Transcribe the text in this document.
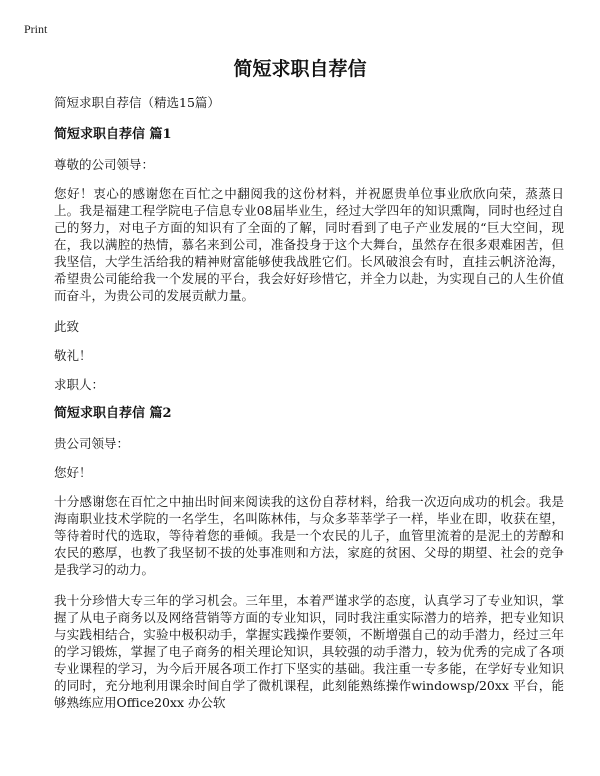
Print
简短求职自荐信

简短求职自荐信（精选15篇）

简短求职自荐信 篇1

尊敬的公司领导：

您好！衷心的感谢您在百忙之中翻阅我的这份材料，并祝愿贵单位事业欣欣向荣，蒸蒸日上。我是福建工程学院电子信息专业08届毕业生，经过大学四年的知识熏陶，同时也经过自己的努力，对电子方面的知识有了全面的了解，同时看到了电子产业发展的“巨大空间，现在，我以满腔的热情，慕名来到公司，准备投身于这个大舞台，虽然存在很多艰难困苦，但我坚信，大学生活给我的精神财富能够使我战胜它们。长风破浪会有时，直挂云帆济沧海，希望贵公司能给我一个发展的平台，我会好好珍惜它，并全力以赴，为实现自己的人生价值而奋斗，为贵公司的发展贡献力量。

此致

敬礼！

求职人：

简短求职自荐信 篇2

贵公司领导：

您好！

十分感谢您在百忙之中抽出时间来阅读我的这份自荐材料，给我一次迈向成功的机会。我是海南职业技术学院的一名学生，名叫陈林伟，与众多莘莘学子一样，毕业在即，收获在望，等待着时代的选取，等待着您的垂倾。我是一个农民的儿子，血管里流着的是泥土的芳醇和农民的憨厚，也教了我坚韧不拔的处事准则和方法，家庭的贫困、父母的期望、社会的竞争是我学习的动力。

我十分珍惜大专三年的学习机会。三年里，本着严谨求学的态度，认真学习了专业知识，掌握了从电子商务以及网络营销等方面的专业知识，同时我注重实际潜力的培养，把专业知识与实践相结合，实验中极积动手，掌握实践操作要领，不断增强自己的动手潜力，经过三年的学习锻炼，掌握了电子商务的相关理论知识，具较强的动手潜力，较为优秀的完成了各项专业课程的学习，为今后开展各项工作打下坚实的基础。我注重一专多能，在学好专业知识的同时，充分地利用课余时间自学了微机课程，此刻能熟练操作windowsp/20xx 平台，能够熟练应用Office20xx 办公软
